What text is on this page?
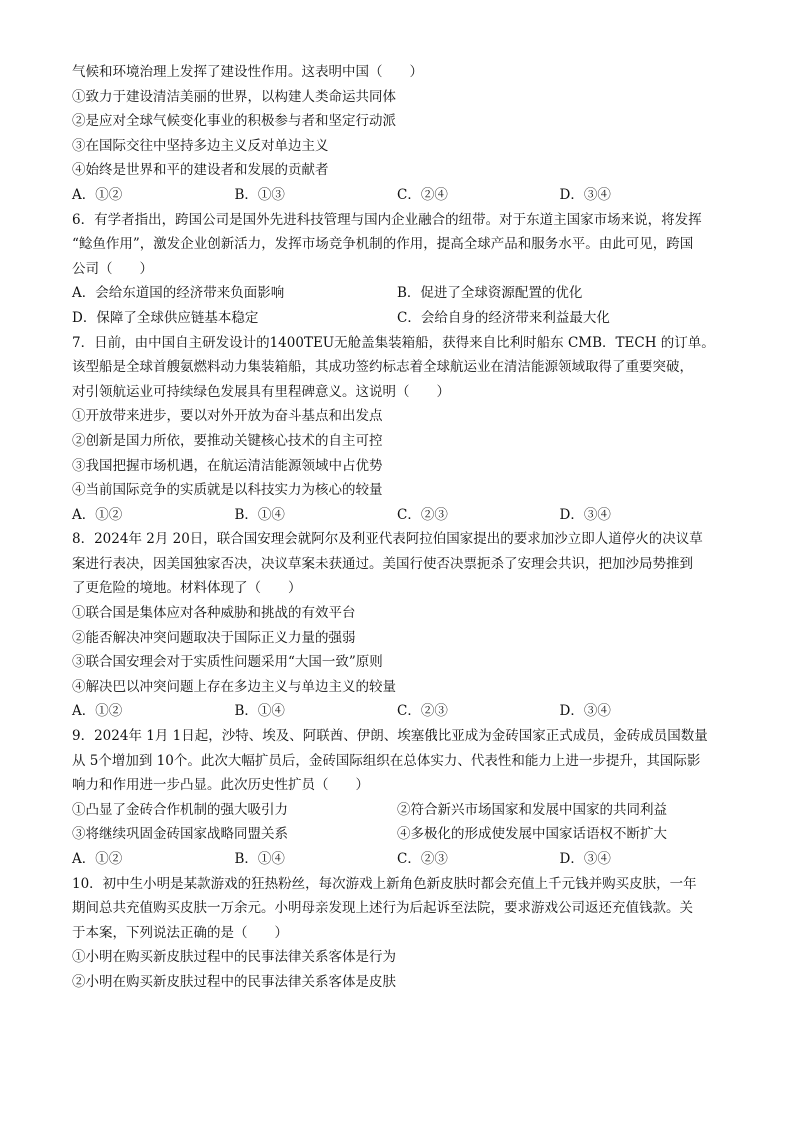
气候和环境治理上发挥了建设性作用。这表明中国（　　）
①致力于建设清洁美丽的世界，以构建人类命运共同体
②是应对全球气候变化事业的积极参与者和坚定行动派
③在国际交往中坚持多边主义反对单边主义
④始终是世界和平的建设者和发展的贡献者
A．①②	B．①③	C．②④	D．③④
6．有学者指出，跨国公司是国外先进科技管理与国内企业融合的纽带。对于东道主国家市场来说，将发挥
“鲶鱼作用”，激发企业创新活力，发挥市场竞争机制的作用，提高全球产品和服务水平。由此可见，跨国
公司（　　）
A．会给东道国的经济带来负面影响	B．促进了全球资源配置的优化
D．保障了全球供应链基本稳定	C．会给自身的经济带来利益最大化
7．日前，由中国自主研发设计的1400TEU无舱盖集装箱船，获得来自比利时船东 CMB．TECH 的订单。
该型船是全球首艘氨燃料动力集装箱船，其成功签约标志着全球航运业在清洁能源领域取得了重要突破，
对引领航运业可持续绿色发展具有里程碑意义。这说明（　　）
①开放带来进步，要以对外开放为奋斗基点和出发点
②创新是国力所依，要推动关键核心技术的自主可控
③我国把握市场机遇，在航运清洁能源领域中占优势
④当前国际竞争的实质就是以科技实力为核心的较量
A．①②	B．①④	C．②③	D．③④
8．2024年 2月 20日，联合国安理会就阿尔及利亚代表阿拉伯国家提出的要求加沙立即人道停火的决议草
案进行表决，因美国独家否决，决议草案未获通过。美国行使否决票扼杀了安理会共识，把加沙局势推到
了更危险的境地。材料体现了（　　）
①联合国是集体应对各种威胁和挑战的有效平台
②能否解决冲突问题取决于国际正义力量的强弱
③联合国安理会对于实质性问题采用“大国一致”原则
④解决巴以冲突问题上存在多边主义与单边主义的较量
A．①②	B．①④	C．②③	D．③④
9．2024年 1月 1日起，沙特、埃及、阿联酋、伊朗、埃塞俄比亚成为金砖国家正式成员，金砖成员国数量
从 5个增加到 10个。此次大幅扩员后，金砖国际组织在总体实力、代表性和能力上进一步提升，其国际影
响力和作用进一步凸显。此次历史性扩员（　　）
①凸显了金砖合作机制的强大吸引力	②符合新兴市场国家和发展中国家的共同利益
③将继续巩固金砖国家战略同盟关系	④多极化的形成使发展中国家话语权不断扩大
A．①②	B．①④	C．②③	D．③④
10．初中生小明是某款游戏的狂热粉丝，每次游戏上新角色新皮肤时都会充值上千元钱并购买皮肤，一年
期间总共充值购买皮肤一万余元。小明母亲发现上述行为后起诉至法院，要求游戏公司返还充值钱款。关
于本案，下列说法正确的是（　　）
①小明在购买新皮肤过程中的民事法律关系客体是行为
②小明在购买新皮肤过程中的民事法律关系客体是皮肤
